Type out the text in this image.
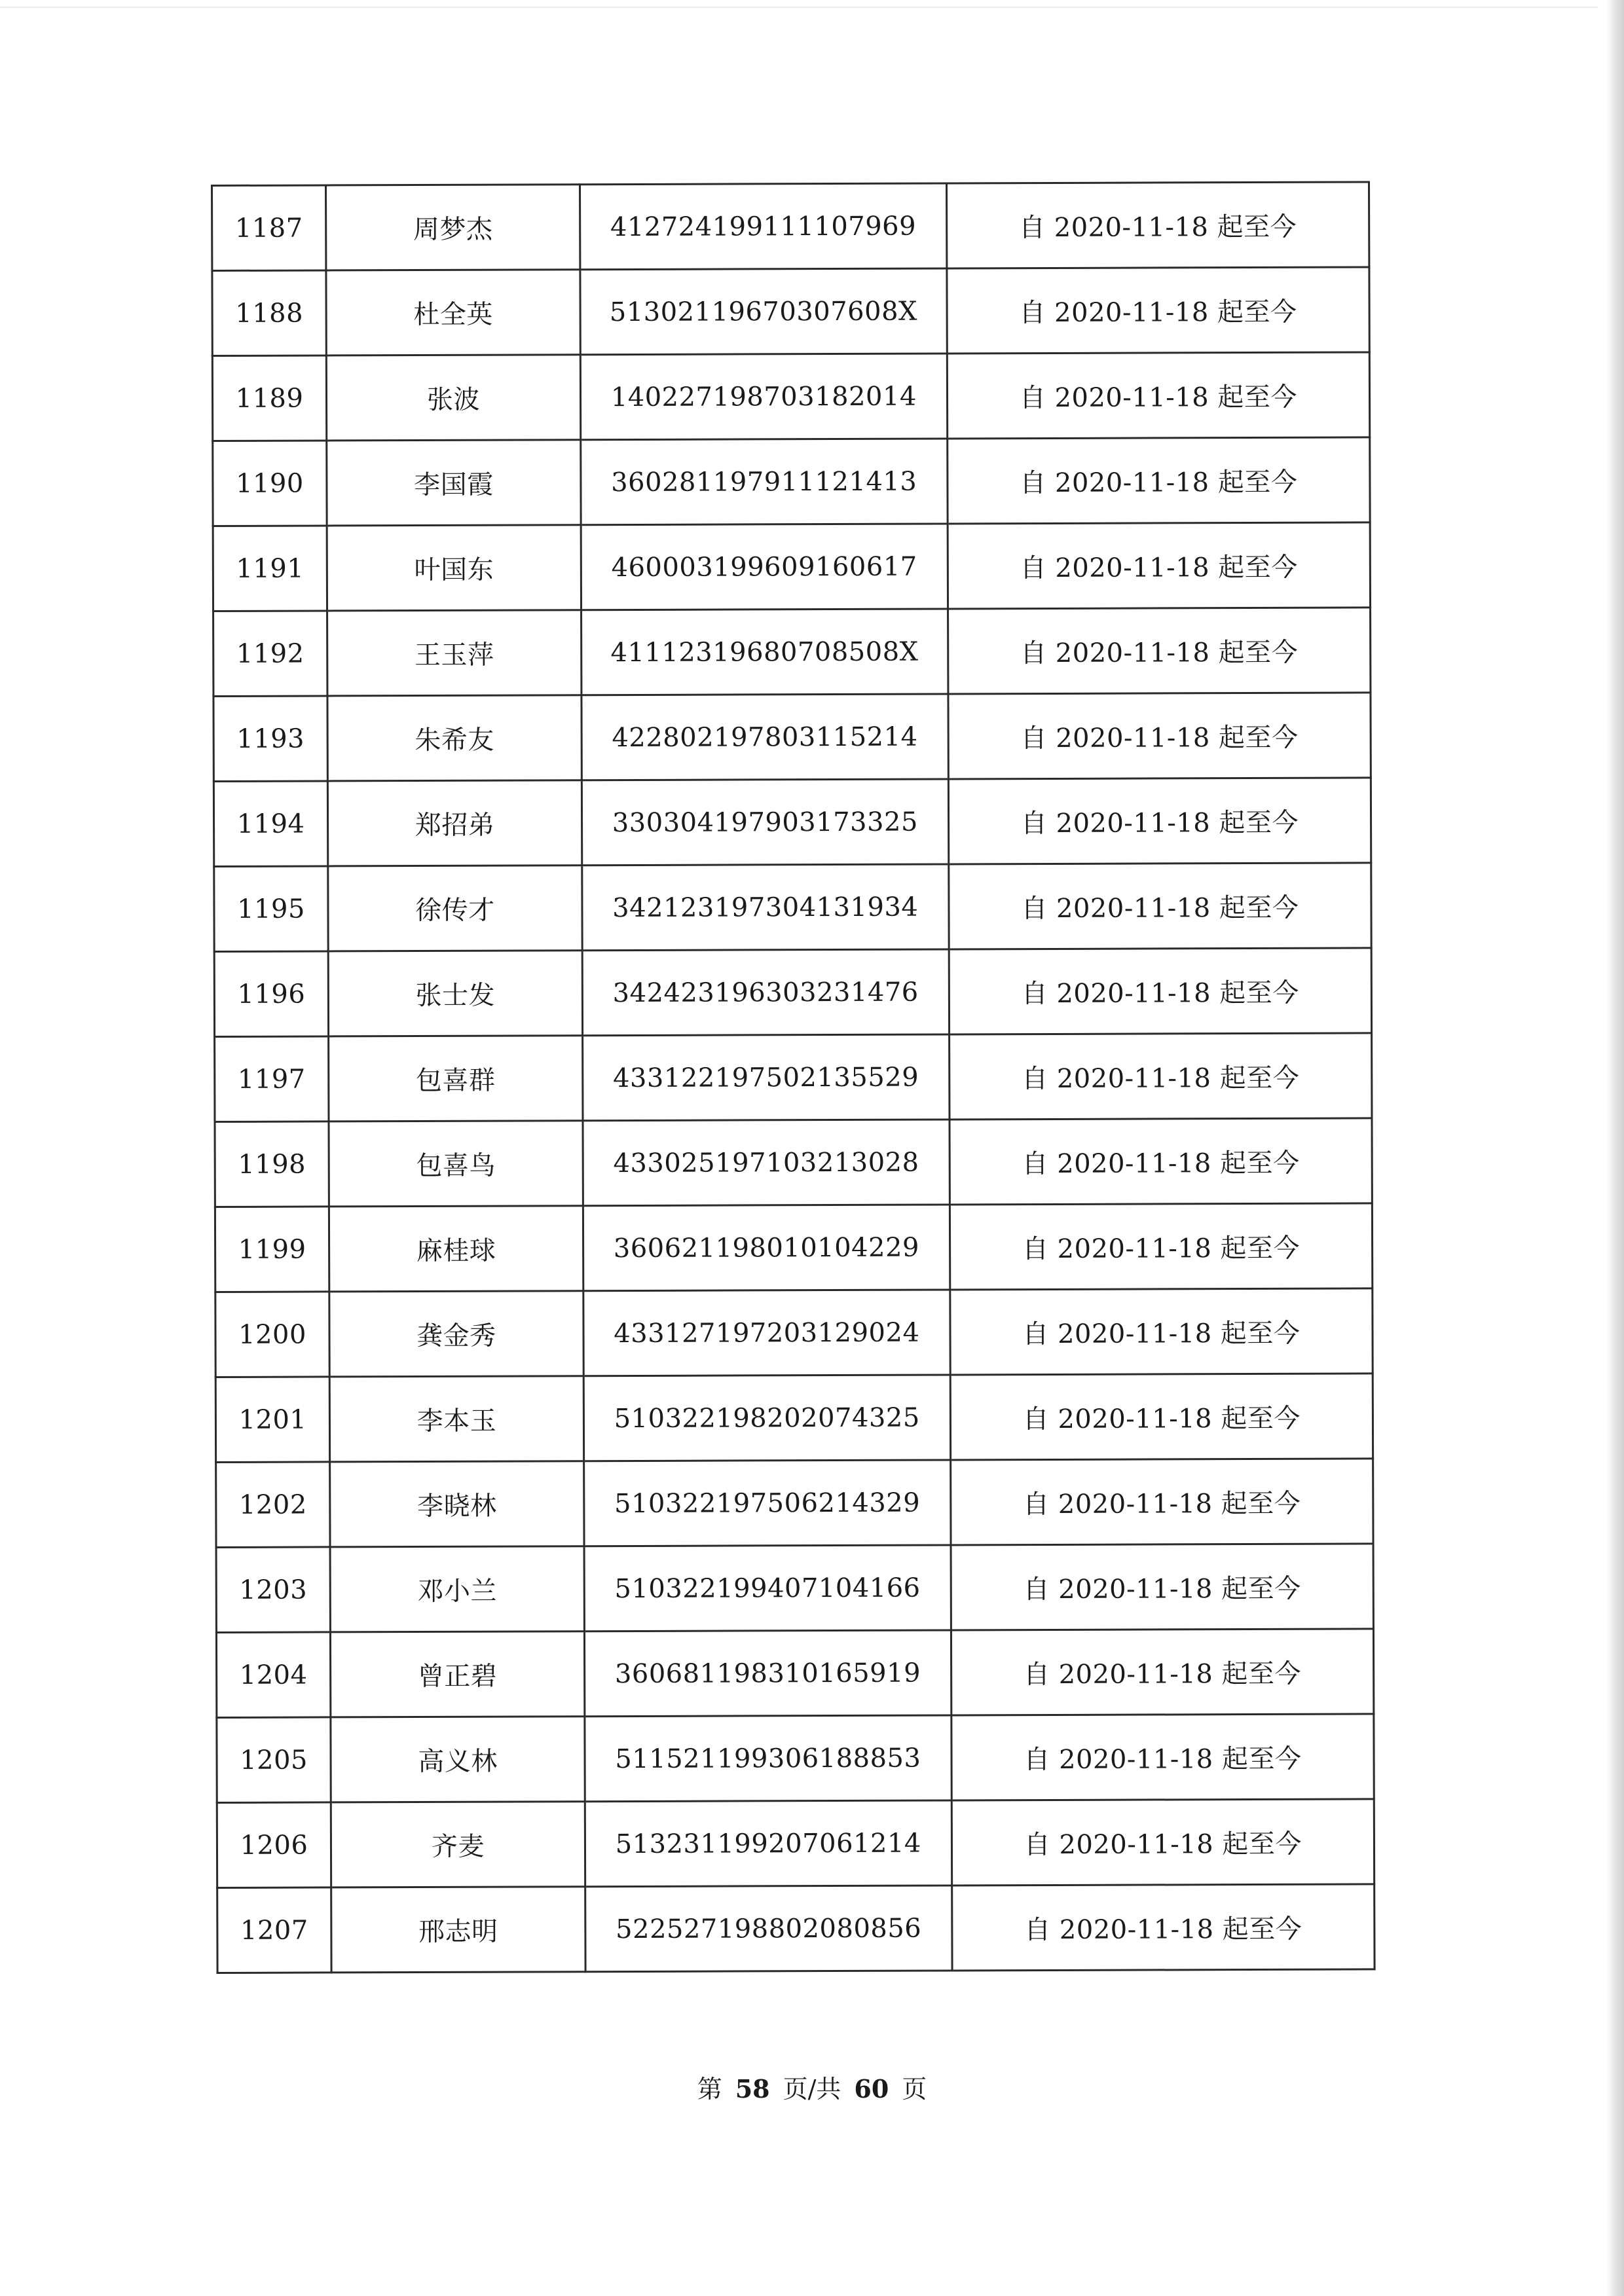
1187	周梦杰	412724199111107969	自 2020-11-18 起至今
1188	杜全英	51302119670307608X	自 2020-11-18 起至今
1189	张波	140227198703182014	自 2020-11-18 起至今
1190	李国霞	360281197911121413	自 2020-11-18 起至今
1191	叶国东	460003199609160617	自 2020-11-18 起至今
1192	王玉萍	41112319680708508X	自 2020-11-18 起至今
1193	朱希友	422802197803115214	自 2020-11-18 起至今
1194	郑招弟	330304197903173325	自 2020-11-18 起至今
1195	徐传才	342123197304131934	自 2020-11-18 起至今
1196	张士发	342423196303231476	自 2020-11-18 起至今
1197	包喜群	433122197502135529	自 2020-11-18 起至今
1198	包喜鸟	433025197103213028	自 2020-11-18 起至今
1199	麻桂球	360621198010104229	自 2020-11-18 起至今
1200	龚金秀	433127197203129024	自 2020-11-18 起至今
1201	李本玉	510322198202074325	自 2020-11-18 起至今
1202	李晓林	510322197506214329	自 2020-11-18 起至今
1203	邓小兰	510322199407104166	自 2020-11-18 起至今
1204	曾正碧	360681198310165919	自 2020-11-18 起至今
1205	高义林	511521199306188853	自 2020-11-18 起至今
1206	齐麦	513231199207061214	自 2020-11-18 起至今
1207	邢志明	522527198802080856	自 2020-11-18 起至今
第 58 页/共 60 页
